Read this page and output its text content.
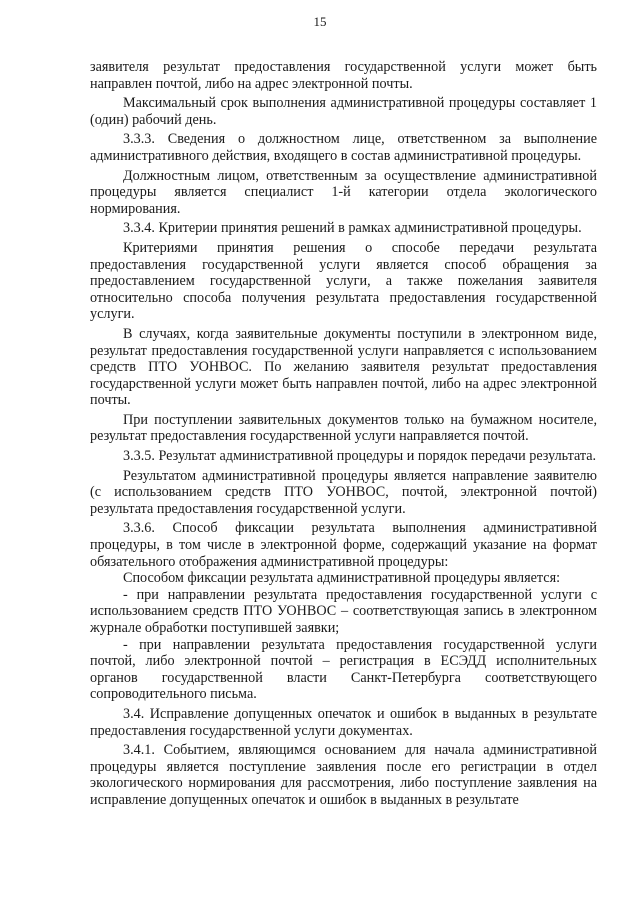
15

заявителя результат предоставления государственной услуги может быть направлен почтой, либо на адрес электронной почты.

Максимальный срок выполнения административной процедуры составляет 1 (один) рабочий день.

3.3.3. Сведения о должностном лице, ответственном за выполнение административного действия, входящего в состав административной процедуры.

Должностным лицом, ответственным за осуществление административной процедуры является специалист 1-й категории отдела экологического нормирования.

3.3.4. Критерии принятия решений в рамках административной процедуры.

Критериями принятия решения о способе передачи результата предоставления государственной услуги является способ обращения за предоставлением государственной услуги, а также пожелания заявителя относительно способа получения результата предоставления государственной услуги.

В случаях, когда заявительные документы поступили в электронном виде, результат предоставления государственной услуги направляется с использованием средств ПТО УОНВОС. По желанию заявителя результат предоставления государственной услуги может быть направлен почтой, либо на адрес электронной почты.

При поступлении заявительных документов только на бумажном носителе, результат предоставления государственной услуги направляется почтой.

3.3.5. Результат административной процедуры и порядок передачи результата.

Результатом административной процедуры является направление заявителю (с использованием средств ПТО УОНВОС, почтой, электронной почтой) результата предоставления государственной услуги.

3.3.6. Способ фиксации результата выполнения административной процедуры, в том числе в электронной форме, содержащий указание на формат обязательного отображения административной процедуры:

Способом фиксации результата административной процедуры является:

- при направлении результата предоставления государственной услуги с использованием средств ПТО УОНВОС – соответствующая запись в электронном журнале обработки поступившей заявки;

- при направлении результата предоставления государственной услуги почтой, либо электронной почтой – регистрация в ЕСЭДД исполнительных органов государственной власти Санкт-Петербурга соответствующего сопроводительного письма.

3.4. Исправление допущенных опечаток и ошибок в выданных в результате предоставления государственной услуги документах.

3.4.1. Событием, являющимся основанием для начала административной процедуры является поступление заявления после его регистрации в отдел экологического нормирования для рассмотрения, либо поступление заявления на исправление допущенных опечаток и ошибок в выданных в результате
